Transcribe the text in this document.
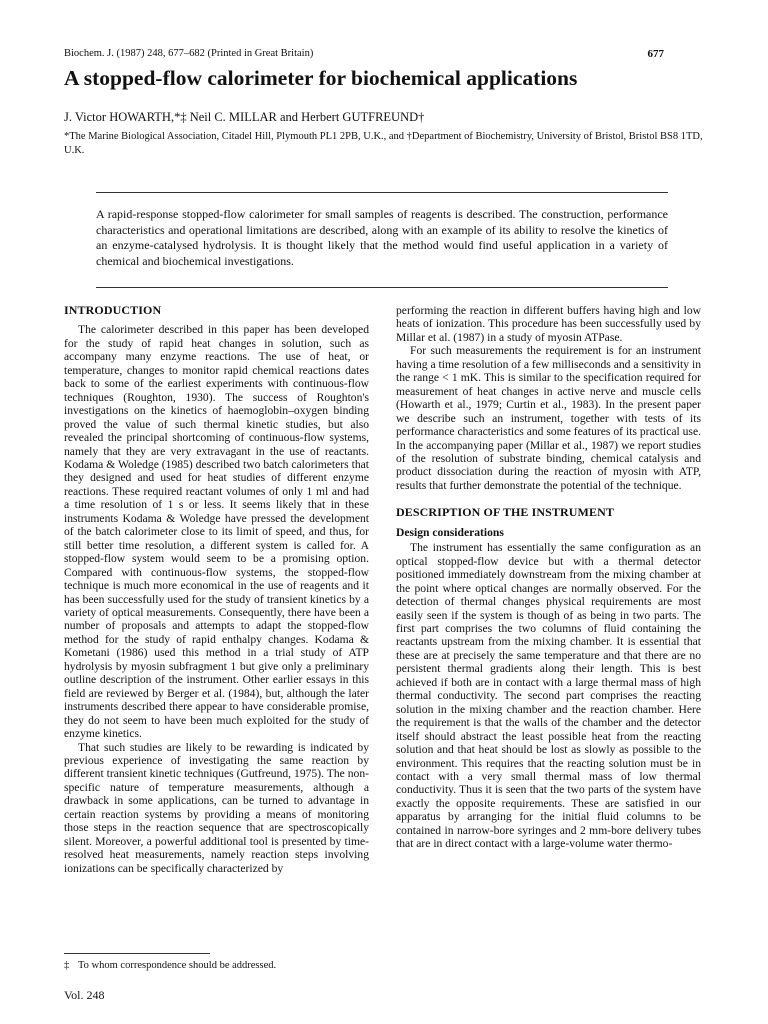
Biochem. J. (1987) 248, 677–682 (Printed in Great Britain)	677
A stopped-flow calorimeter for biochemical applications
J. Victor HOWARTH,*‡ Neil C. MILLAR and Herbert GUTFREUND†
*The Marine Biological Association, Citadel Hill, Plymouth PL1 2PB, U.K., and †Department of Biochemistry, University of Bristol, Bristol BS8 1TD, U.K.
A rapid-response stopped-flow calorimeter for small samples of reagents is described. The construction, performance characteristics and operational limitations are described, along with an example of its ability to resolve the kinetics of an enzyme-catalysed hydrolysis. It is thought likely that the method would find useful application in a variety of chemical and biochemical investigations.
INTRODUCTION

The calorimeter described in this paper has been developed for the study of rapid heat changes in solution, such as accompany many enzyme reactions. The use of heat, or temperature, changes to monitor rapid chemical reactions dates back to some of the earliest experiments with continuous-flow techniques (Roughton, 1930). The success of Roughton's investigations on the kinetics of haemoglobin–oxygen binding proved the value of such thermal kinetic studies, but also revealed the principal shortcoming of continuous-flow systems, namely that they are very extravagant in the use of reactants. Kodama & Woledge (1985) described two batch calorimeters that they designed and used for heat studies of different enzyme reactions. These required reactant volumes of only 1 ml and had a time resolution of 1 s or less. It seems likely that in these instruments Kodama & Woledge have pressed the development of the batch calorimeter close to its limit of speed, and thus, for still better time resolution, a different system is called for. A stopped-flow system would seem to be a promising option. Compared with continuous-flow systems, the stopped-flow technique is much more economical in the use of reagents and it has been successfully used for the study of transient kinetics by a variety of optical measurements. Consequently, there have been a number of proposals and attempts to adapt the stopped-flow method for the study of rapid enthalpy changes. Kodama & Kometani (1986) used this method in a trial study of ATP hydrolysis by myosin subfragment 1 but give only a preliminary outline description of the instrument. Other earlier essays in this field are reviewed by Berger et al. (1984), but, although the later instruments described there appear to have considerable promise, they do not seem to have been much exploited for the study of enzyme kinetics.

That such studies are likely to be rewarding is indicated by previous experience of investigating the same reaction by different transient kinetic techniques (Gutfreund, 1975). The non-specific nature of temperature measurements, although a drawback in some applications, can be turned to advantage in certain reaction systems by providing a means of monitoring those steps in the reaction sequence that are spectroscopically silent. Moreover, a powerful additional tool is presented by time-resolved heat measurements, namely reaction steps involving ionizations can be specifically characterized by

performing the reaction in different buffers having high and low heats of ionization. This procedure has been successfully used by Millar et al. (1987) in a study of myosin ATPase.

For such measurements the requirement is for an instrument having a time resolution of a few milliseconds and a sensitivity in the range < 1 mK. This is similar to the specification required for measurement of heat changes in active nerve and muscle cells (Howarth et al., 1979; Curtin et al., 1983). In the present paper we describe such an instrument, together with tests of its performance characteristics and some features of its practical use. In the accompanying paper (Millar et al., 1987) we report studies of the resolution of substrate binding, chemical catalysis and product dissociation during the reaction of myosin with ATP, results that further demonstrate the potential of the technique.

DESCRIPTION OF THE INSTRUMENT
Design considerations

The instrument has essentially the same configuration as an optical stopped-flow device but with a thermal detector positioned immediately downstream from the mixing chamber at the point where optical changes are normally observed. For the detection of thermal changes physical requirements are most easily seen if the system is though of as being in two parts. The first part comprises the two columns of fluid containing the reactants upstream from the mixing chamber. It is essential that these are at precisely the same temperature and that there are no persistent thermal gradients along their length. This is best achieved if both are in contact with a large thermal mass of high thermal conductivity. The second part comprises the reacting solution in the mixing chamber and the reaction chamber. Here the requirement is that the walls of the chamber and the detector itself should abstract the least possible heat from the reacting solution and that heat should be lost as slowly as possible to the environment. This requires that the reacting solution must be in contact with a very small thermal mass of low thermal conductivity. Thus it is seen that the two parts of the system have exactly the opposite requirements. These are satisfied in our apparatus by arranging for the initial fluid columns to be contained in narrow-bore syringes and 2 mm-bore delivery tubes that are in direct contact with a large-volume water thermo-

‡ To whom correspondence should be addressed.
Vol. 248
